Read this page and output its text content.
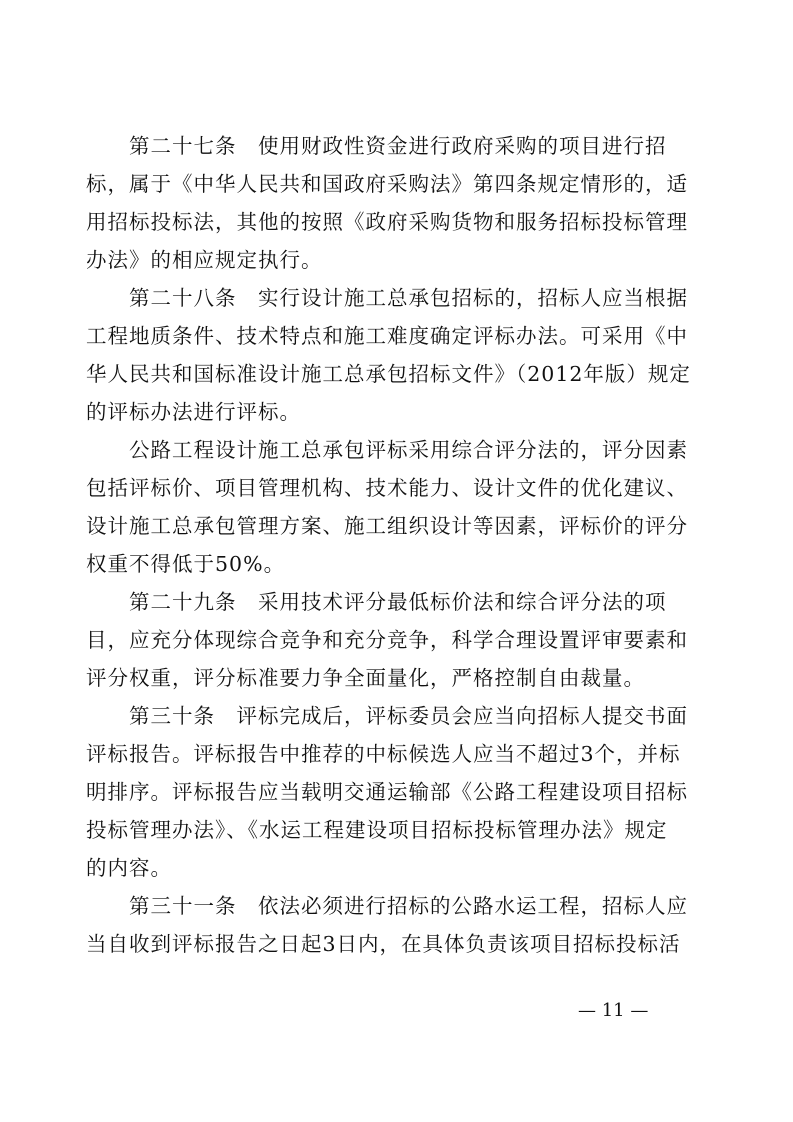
　　第二十七条　使用财政性资金进行政府采购的项目进行招
标，属于《中华人民共和国政府采购法》第四条规定情形的，适
用招标投标法，其他的按照《政府采购货物和服务招标投标管理
办法》的相应规定执行。
　　第二十八条　实行设计施工总承包招标的，招标人应当根据
工程地质条件、技术特点和施工难度确定评标办法。可采用《中
华人民共和国标准设计施工总承包招标文件》（2012年版）规定
的评标办法进行评标。
　　公路工程设计施工总承包评标采用综合评分法的，评分因素
包括评标价、项目管理机构、技术能力、设计文件的优化建议、
设计施工总承包管理方案、施工组织设计等因素，评标价的评分
权重不得低于50%。
　　第二十九条　采用技术评分最低标价法和综合评分法的项
目，应充分体现综合竞争和充分竞争，科学合理设置评审要素和
评分权重，评分标准要力争全面量化，严格控制自由裁量。
　　第三十条　评标完成后，评标委员会应当向招标人提交书面
评标报告。评标报告中推荐的中标候选人应当不超过3个，并标
明排序。评标报告应当载明交通运输部《公路工程建设项目招标
投标管理办法》、《水运工程建设项目招标投标管理办法》规定
的内容。
　　第三十一条　依法必须进行招标的公路水运工程，招标人应
当自收到评标报告之日起3日内，在具体负责该项目招标投标活
— 11 —
